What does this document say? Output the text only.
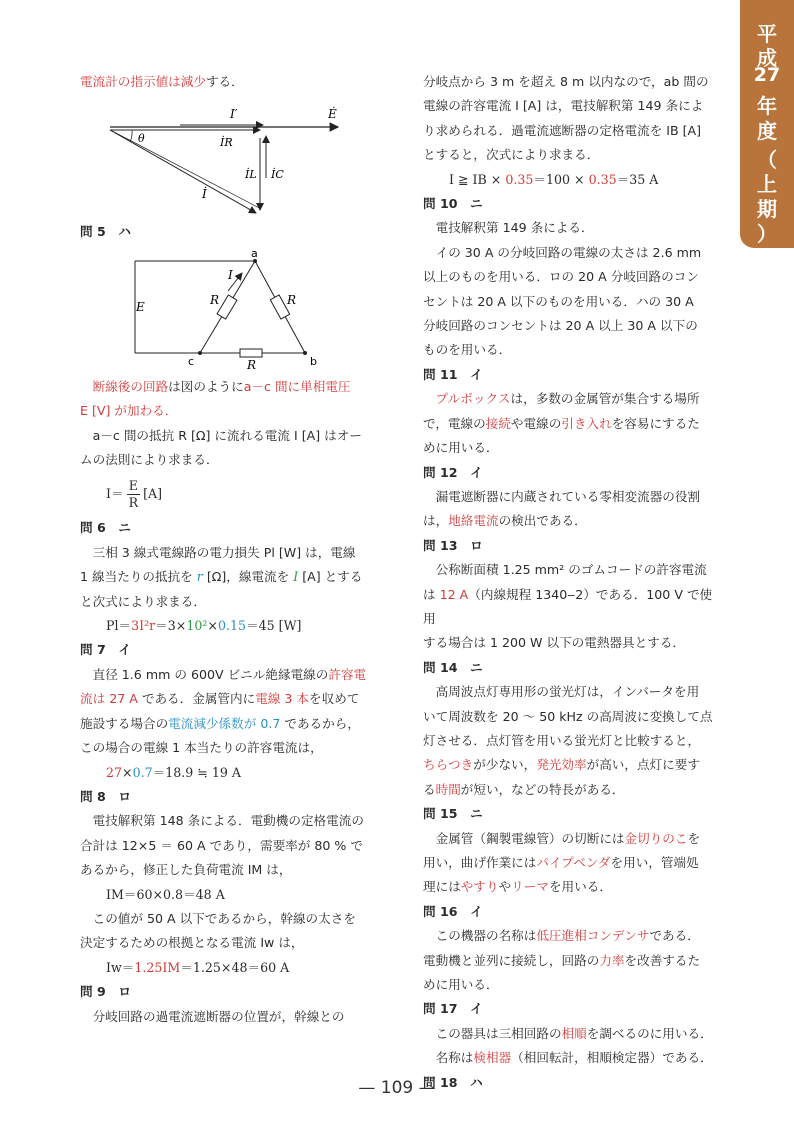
平
成
27
年
度
（
上
期
）

電流計の指示値は減少する．

I′	Ė
θ	İR
İL İC
İ

問 5　ハ

a
b
c
E
I
R	R
R

断線後の回路は図のようにa－c 間に単相電圧

E [V] が加わる．

a－c 間の抵抗 R [Ω] に流れる電流 I [A] はオー

ムの法則により求まる．

$I= \frac{E}{R} [A]$

問 6　ニ

三相 3 線式電線路の電力損失 Pl [W] は，電線

1 線当たりの抵抗を r [Ω]，線電流を I [A] とする

と次式により求まる．

Pl＝3I²r＝3×10²×0.15＝45 [W]

問 7　イ

直径 1.6 mm の 600V ビニル絶縁電線の許容電

流は 27 A である．金属管内に電線 3 本を収めて

施設する場合の電流減少係数が 0.7 であるから，

この場合の電線 1 本当たりの許容電流は，

27×0.7＝18.9 ≒ 19 A

問 8　ロ

電技解釈第 148 条による．電動機の定格電流の

合計は 12×5 ＝ 60 A であり，需要率が 80 % で

あるから，修正した負荷電流 IM は，

IM＝60×0.8＝48 A

この値が 50 A 以下であるから，幹線の太さを

決定するための根拠となる電流 Iw は，

Iw＝1.25IM＝1.25×48＝60 A

問 9　ロ

分岐回路の過電流遮断器の位置が，幹線との

分岐点から 3 m を超え 8 m 以内なので，ab 間の

電線の許容電流 I [A] は，電技解釈第 149 条によ

り求められる．過電流遮断器の定格電流を IB [A]

とすると，次式により求まる．

I ≧ IB × 0.35＝100 × 0.35＝35 A

問 10　ニ

電技解釈第 149 条による．

イの 30 A の分岐回路の電線の太さは 2.6 mm

以上のものを用いる．ロの 20 A 分岐回路のコン

セントは 20 A 以下のものを用いる．ハの 30 A

分岐回路のコンセントは 20 A 以上 30 A 以下の

ものを用いる．

問 11　イ

プルボックスは，多数の金属管が集合する場所

で，電線の接続や電線の引き入れを容易にするた

めに用いる．

問 12　イ

漏電遮断器に内蔵されている零相変流器の役割

は，地絡電流の検出である．

問 13　ロ

公称断面積 1.25 mm² のゴムコードの許容電流

は 12 A（内線規程 1340‒2）である．100 V で使用

する場合は 1 200 W 以下の電熱器具とする．

問 14　ニ

高周波点灯専用形の蛍光灯は，インバータを用

いて周波数を 20 ～ 50 kHz の高周波に変換して点

灯させる．点灯管を用いる蛍光灯と比較すると，

ちらつきが少ない，発光効率が高い，点灯に要す

る時間が短い，などの特長がある．

問 15　ニ

金属管（鋼製電線管）の切断には金切りのこを

用い，曲げ作業にはパイプベンダを用い，管端処

理にはやすりやリーマを用いる．

問 16　イ

この機器の名称は低圧進相コンデンサである．

電動機と並列に接続し，回路の力率を改善するた

めに用いる．

問 17　イ

この器具は三相回路の相順を調べるのに用いる．

名称は検相器（相回転計，相順検定器）である．

問 18　ハ

— 109 —
